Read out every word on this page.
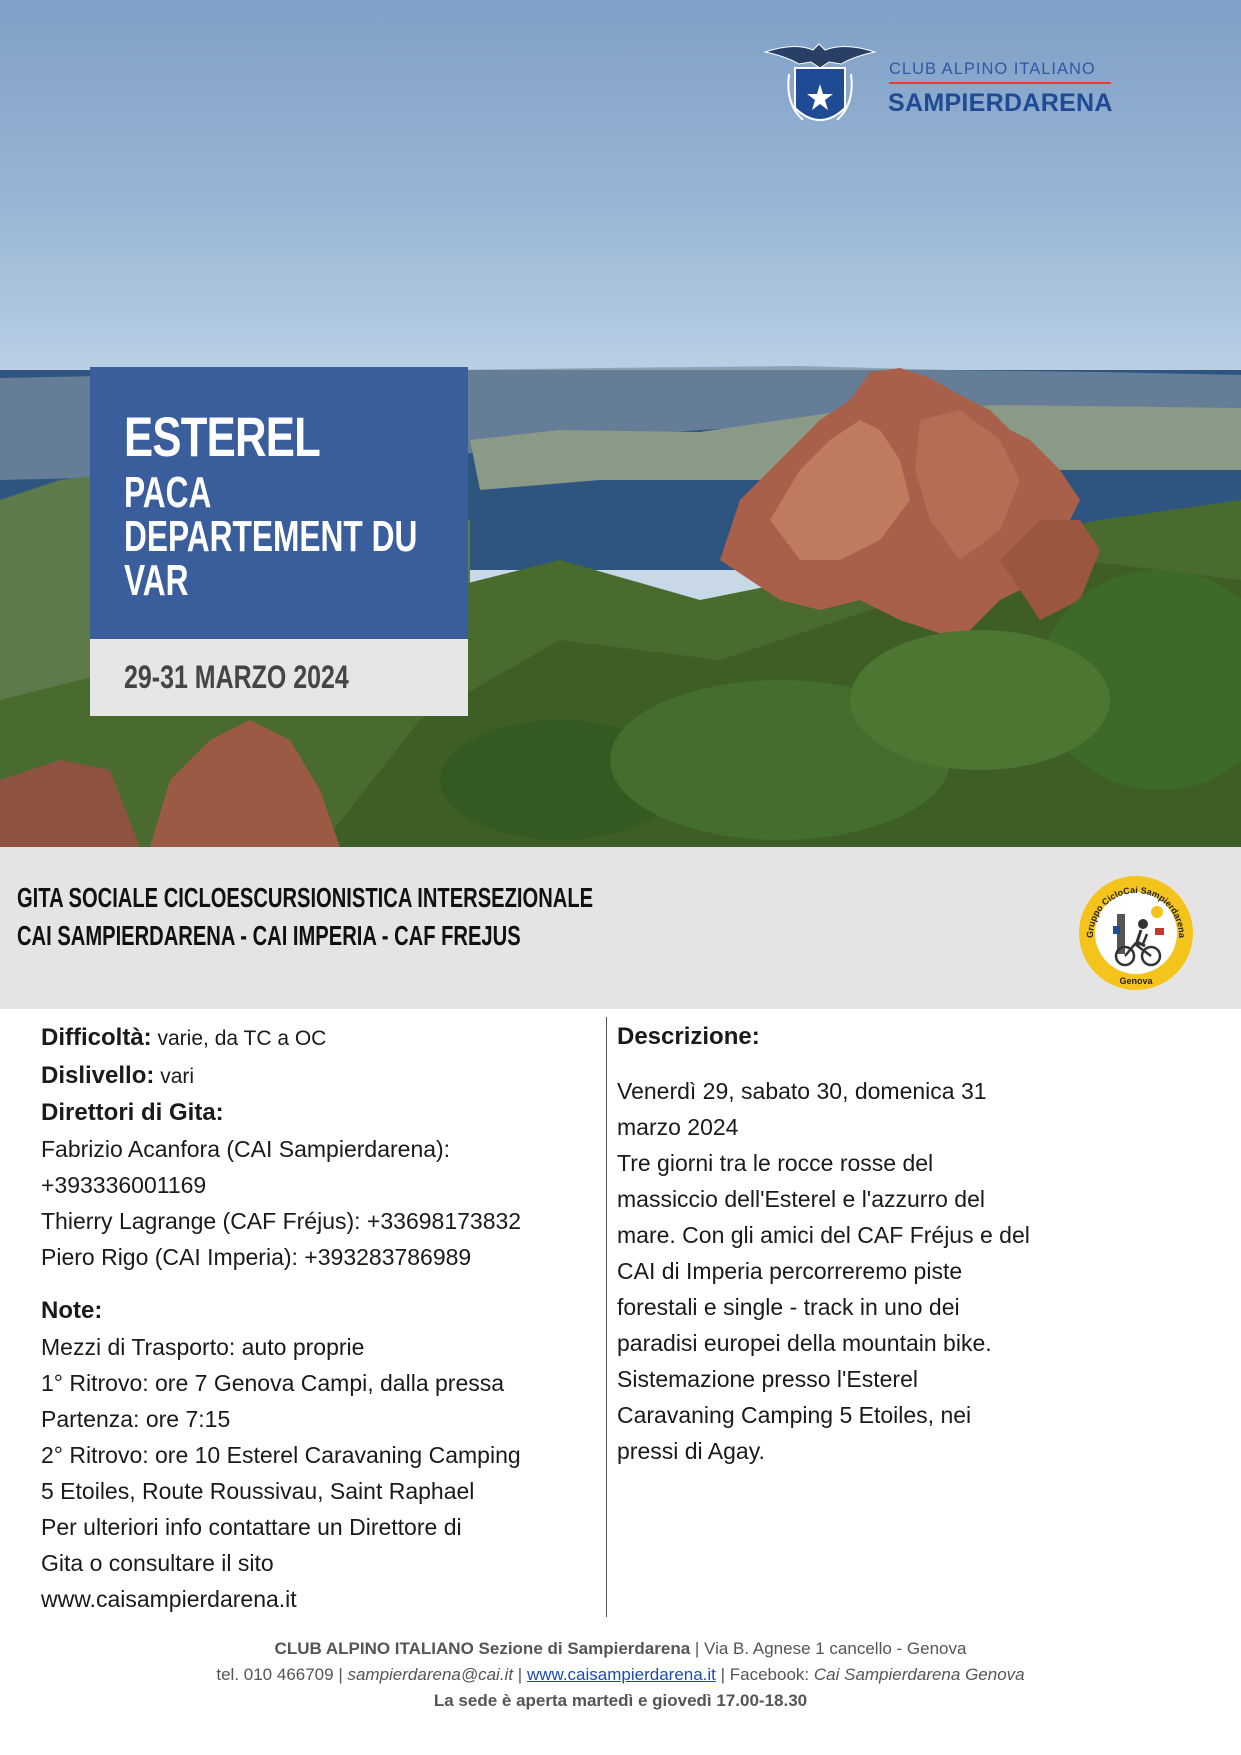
CLUB ALPINO ITALIANO
SAMPIERDARENA
ESTEREL
PACA
DEPARTEMENT DU
VAR
29-31 MARZO 2024
GITA SOCIALE CICLOESCURSIONISTICA INTERSEZIONALE
CAI SAMPIERDARENA - CAI IMPERIA - CAF FREJUS	Gruppo CicloCai Sampierdarena
Genova
Difficoltà: varie, da TC a OC
Dislivello: vari
Direttori di Gita:
Fabrizio Acanfora (CAI Sampierdarena):
+393336001169
Thierry Lagrange (CAF Fréjus): +33698173832
Piero Rigo (CAI Imperia): +393283786989
Note:
Mezzi di Trasporto: auto proprie
1° Ritrovo: ore 7 Genova Campi, dalla pressa
Partenza: ore 7:15
2° Ritrovo: ore 10 Esterel Caravaning Camping
5 Etoiles, Route Roussivau, Saint Raphael
Per ulteriori info contattare un Direttore di
Gita o consultare il sito
www.caisampierdarena.it
Descrizione:
Venerdì 29, sabato 30, domenica 31
marzo 2024
Tre giorni tra le rocce rosse del
massiccio dell'Esterel e l'azzurro del
mare. Con gli amici del CAF Fréjus e del
CAI di Imperia percorreremo piste
forestali e single - track in uno dei
paradisi europei della mountain bike.
Sistemazione presso l'Esterel
Caravaning Camping 5 Etoiles, nei
pressi di Agay.
CLUB ALPINO ITALIANO Sezione di Sampierdarena | Via B. Agnese 1 cancello - Genova
tel. 010 466709 | sampierdarena@cai.it | www.caisampierdarena.it | Facebook: Cai Sampierdarena Genova
La sede è aperta martedì e giovedì 17.00-18.30
